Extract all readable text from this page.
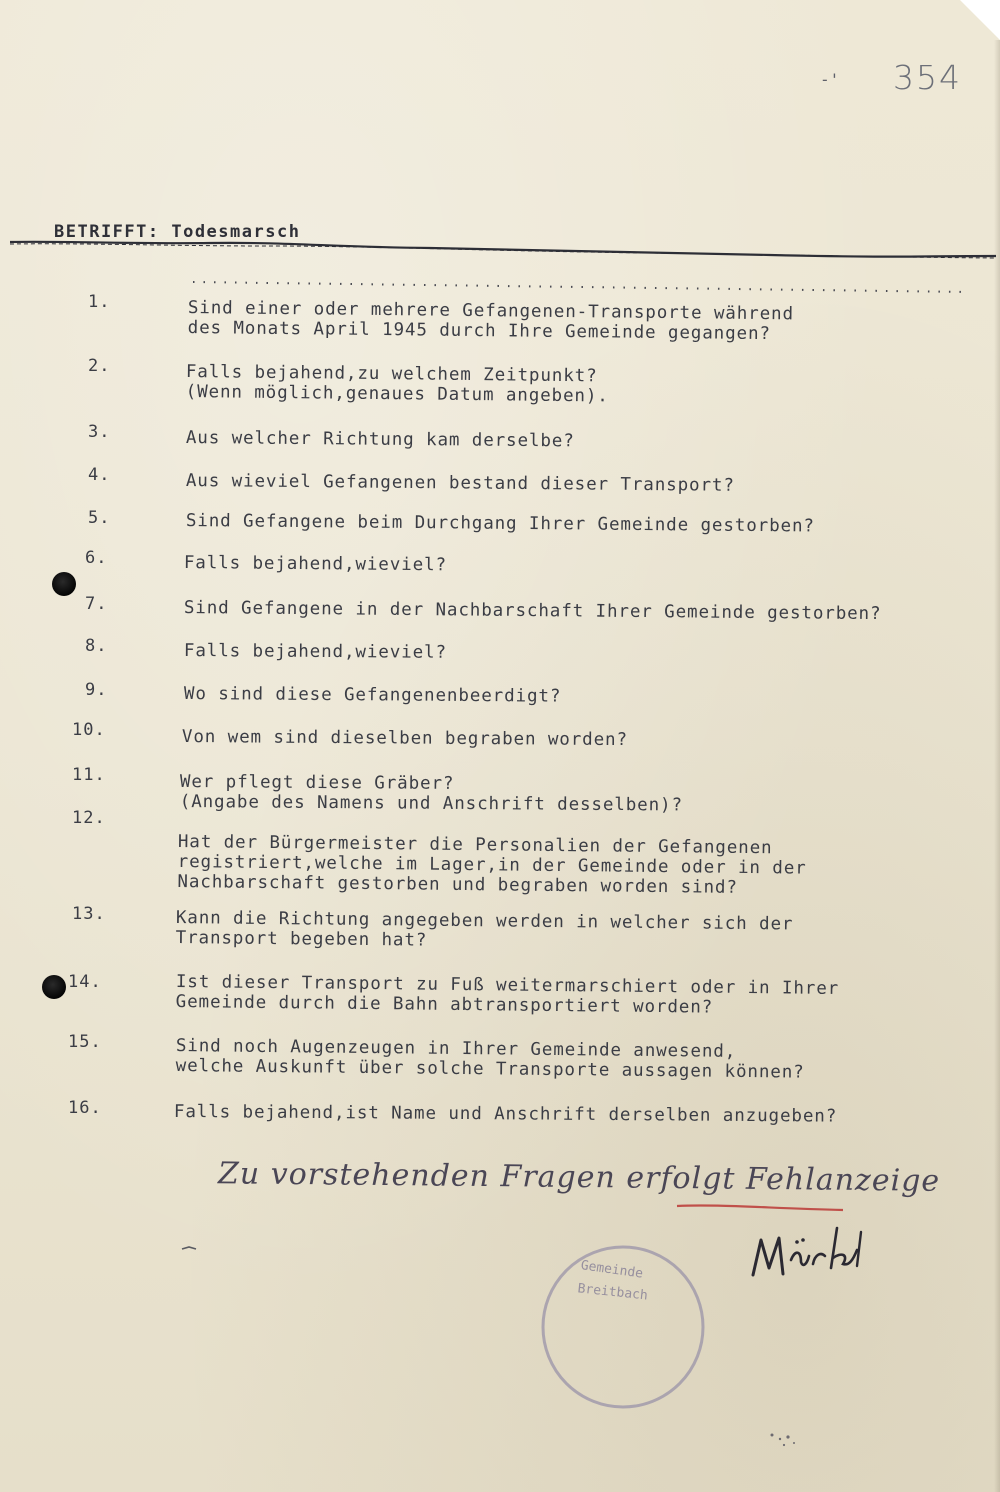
-' 354
BETRIFFT: Todesmarsch
1.	Sind einer oder mehrere Gefangenen-Transporte während
des Monats April 1945 durch Ihre Gemeinde gegangen?
2.	Falls bejahend,zu welchem Zeitpunkt?
(Wenn möglich,genaues Datum angeben).
3.	Aus welcher Richtung kam derselbe?
4.	Aus wieviel Gefangenen bestand dieser Transport?
5.	Sind Gefangene beim Durchgang Ihrer Gemeinde gestorben?
6.	Falls bejahend,wieviel?
7.	Sind Gefangene in der Nachbarschaft Ihrer Gemeinde gestorben?
8.	Falls bejahend,wieviel?
9.	Wo sind diese Gefangenenbeerdigt?
10.	Von wem sind dieselben begraben worden?
11.	Wer pflegt diese Gräber?
(Angabe des Namens und Anschrift desselben)?
12.
Hat der Bürgermeister die Personalien der Gefangenen
registriert,welche im Lager,in der Gemeinde oder in der
Nachbarschaft gestorben und begraben worden sind?
13.	Kann die Richtung angegeben werden in welcher sich der
Transport begeben hat?
14.	Ist dieser Transport zu Fuß weitermarschiert oder in Ihrer
Gemeinde durch die Bahn abtransportiert worden?
15.	Sind noch Augenzeugen in Ihrer Gemeinde anwesend,
welche Auskunft über solche Transporte aussagen können?
16.	Falls bejahend,ist Name und Anschrift derselben anzugeben?
Zu vorstehenden Fragen erfolgt Fehlanzeige
Gemeinde
Breitbach
